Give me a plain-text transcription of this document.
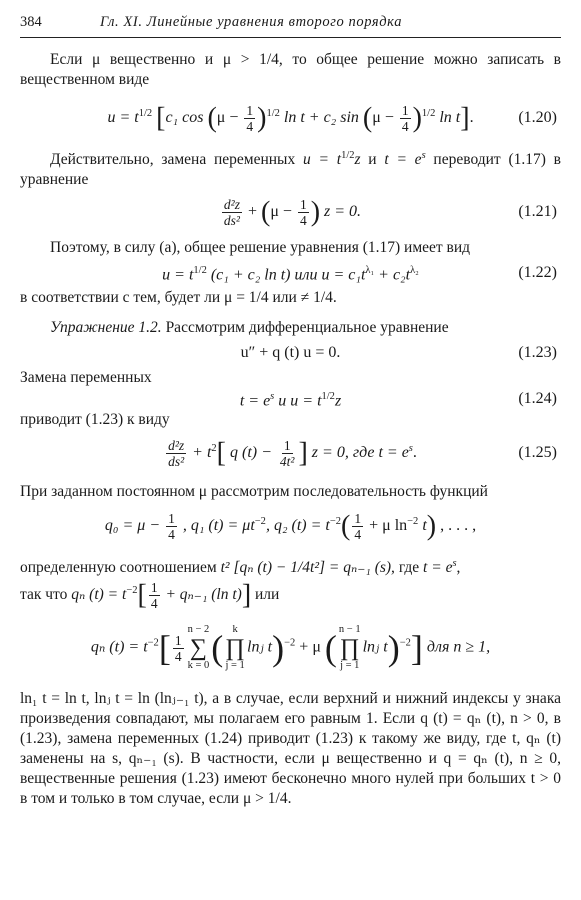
384	Гл. XI. Линейные уравнения второго порядка

Если μ вещественно и μ > 1/4, то общее решение можно записать в вещественном виде

$u = t^{1/2}$ [c₁ $\cos (\mu - \frac{1}{4} )^{1/2}$ ln t + c₂ $\sin (\mu - \frac{1}{4} )^{1/2}$ ln t].	(1.20)

Действительно, замена переменных $u = t^{1/2}z$ и $t = e^s$ переводит (1.17) в уравнение

$\frac{\text{d²z}}{\text{ds²}} + (\mu - \frac{1}{4}$ ) z = 0.	(1.21)

Поэтому, в силу (а), общее решение уравнения (1.17) имеет вид

$u = t^{1/2}$ (c₁ + c₂ ln t) или $u = c_1t^{\lambda_1} + c_2t^{\lambda_2}$	(1.22)

в соответствии с тем, будет ли μ = 1/4 или ≠ 1/4.

Упражнение 1.2. Рассмотрим дифференциальное уравнение

u″ + q (t) u = 0.	(1.23)

Замена переменных

$t = e^s$ и $u = t^{1/2}z$	(1.24)

приводит (1.23) к виду

$\frac{\text{d²z}}{\text{ds²}} + t^2$[ q $(t) - \frac{1}{\text{4t²}}$ ] z = 0, где $t = e^s$.	(1.25)

При заданном постоянном μ рассмотрим последовательность функций

$q_0 = \mu - \frac{1}{4}$ , q₁ $(t) = \mu t^{-2}$, q₂ $(t) = t^{-2}( \frac{1}{4} + \mu$ $\ln^{-2} t$) , . . . ,

определенную соотношением t² [qₙ (t) − 1/4t²] = qₙ₋₁ (s), где $t = e^s$,

так что qₙ $(t) = t^{-2}[ \frac{1}{4} + q_{n-1}$ (ln t)] или

qₙ $(t) = t^{-2}[ \frac{1}{4}$
n − 2
∑
k = 0 ( k
∏
j = 1
lnⱼ t)$^{-2}$ + μ ( n − 1
∏
j = 1
lnⱼ t)$^{-2}$] для n ≥ 1,

ln₁ t = ln t, lnⱼ t = ln (lnⱼ₋₁ t), а в случае, если верхний и нижний индексы у знака произведения совпадают, мы полагаем его равным 1. Если q (t) = qₙ (t), n > 0, в (1.23), замена переменных (1.24) приводит (1.23) к такому же виду, где t, qₙ (t) заменены на s, qₙ₋₁ (s). В частности, если μ вещественно и q = qₙ (t), n ≥ 0, вещественные решения (1.23) имеют бесконечно много нулей при больших t > 0 в том и только в том случае, если μ > 1/4.
